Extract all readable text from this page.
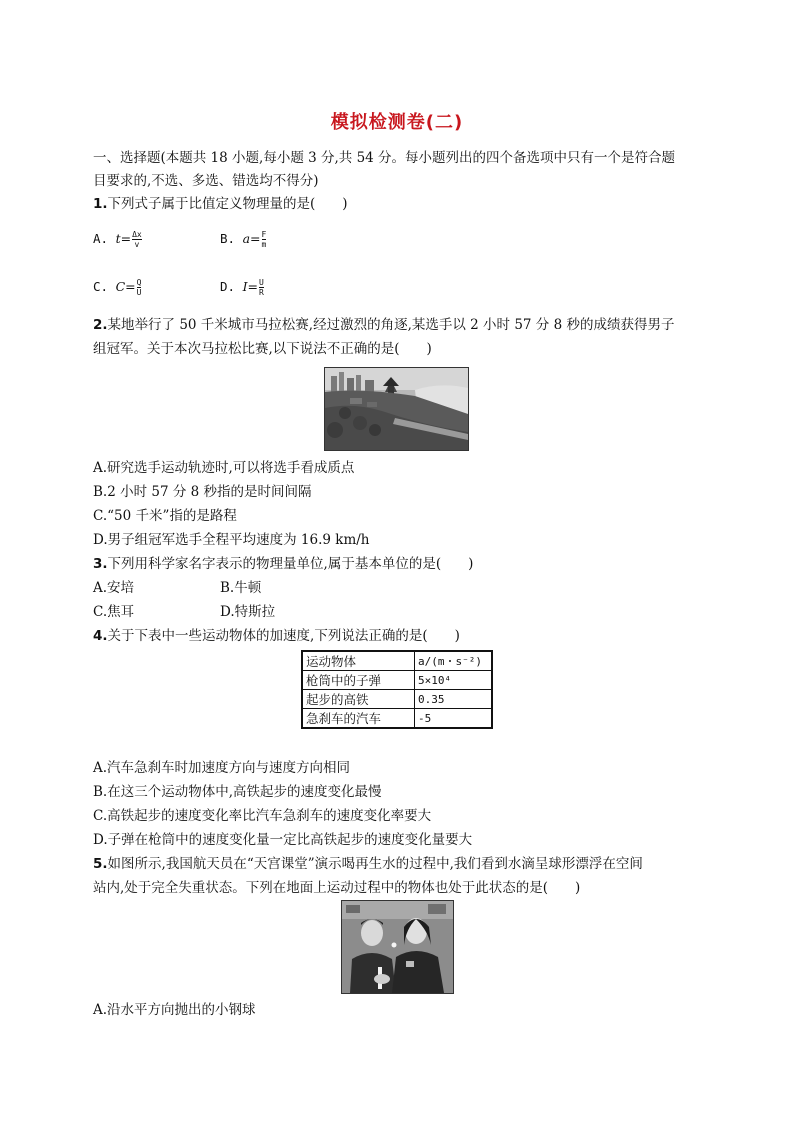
模拟检测卷(二)
一、选择题(本题共 18 小题,每小题 3 分,共 54 分。每小题列出的四个备选项中只有一个是符合题
目要求的,不选、多选、错选均不得分)
1.下列式子属于比值定义物理量的是(　　)
A. $t= \frac{\Delta x}{v}$	B. $a= \frac{F}{m}$
C. $C= \frac{Q}{U}$	D. $I= \frac{U}{R}$
2.某地举行了 50 千米城市马拉松赛,经过激烈的角逐,某选手以 2 小时 57 分 8 秒的成绩获得男子
组冠军。关于本次马拉松比赛,以下说法不正确的是(　　)
A.研究选手运动轨迹时,可以将选手看成质点
B.2 小时 57 分 8 秒指的是时间间隔
C.“50 千米”指的是路程
D.男子组冠军选手全程平均速度为 16.9 km/h
3.下列用科学家名字表示的物理量单位,属于基本单位的是(　　)
A.安培	B.牛顿
C.焦耳	D.特斯拉
4.关于下表中一些运动物体的加速度,下列说法正确的是(　　)
运动物体	a/(m・s⁻²)
枪筒中的子弹	5×10⁴
起步的高铁	0.35
急刹车的汽车	-5
A.汽车急刹车时加速度方向与速度方向相同
B.在这三个运动物体中,高铁起步的速度变化最慢
C.高铁起步的速度变化率比汽车急刹车的速度变化率要大
D.子弹在枪筒中的速度变化量一定比高铁起步的速度变化量要大
5.如图所示,我国航天员在“天宫课堂”演示喝再生水的过程中,我们看到水滴呈球形漂浮在空间
站内,处于完全失重状态。下列在地面上运动过程中的物体也处于此状态的是(　　)
A.沿水平方向抛出的小钢球
